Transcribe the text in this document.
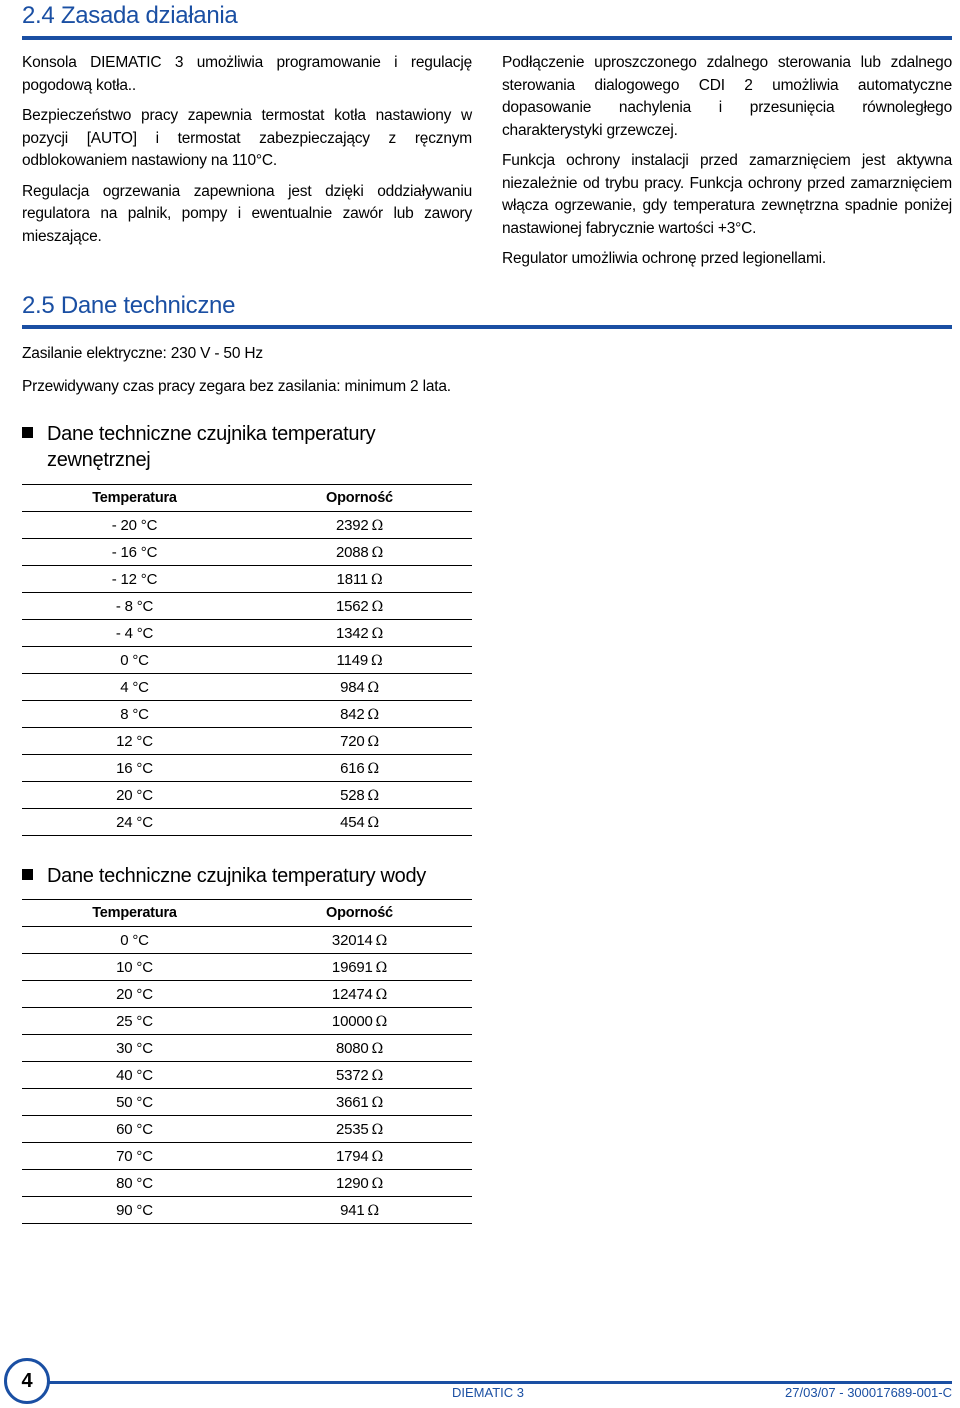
2.4 Zasada działania

Konsola DIEMATIC 3 umożliwia programowanie i regulację pogodową kotła..

Bezpieczeństwo pracy zapewnia termostat kotła nastawiony w pozycji [AUTO] i termostat zabezpieczający z ręcznym odblokowaniem nastawiony na 110°C.

Regulacja ogrzewania zapewniona jest dzięki oddziaływaniu regulatora na palnik, pompy i ewentualnie zawór lub zawory mieszające.

Podłączenie uproszczonego zdalnego sterowania lub zdalnego sterowania dialogowego CDI 2 umożliwia automatyczne dopasowanie nachylenia i przesunięcia równoległego charakterystyki grzewczej.

Funkcja ochrony instalacji przed zamarznięciem jest aktywna niezależnie od trybu pracy. Funkcja ochrony przed zamarznięciem włącza ogrzewanie, gdy temperatura zewnętrzna spadnie poniżej nastawionej fabrycznie wartości +3°C.

Regulator umożliwia ochronę przed legionellami.

2.5 Dane techniczne
Zasilanie elektryczne: 230 V - 50 Hz
Przewidywany czas pracy zegara bez zasilania: minimum 2 lata.
Dane techniczne czujnika temperatury zewnętrznej
Temperatura	Oporność
- 20 °C	2392 Ω
- 16 °C	2088 Ω
- 12 °C	1811 Ω
- 8 °C	1562 Ω
- 4 °C	1342 Ω
0 °C	1149 Ω
4 °C	984 Ω
8 °C	842 Ω
12 °C	720 Ω
16 °C	616 Ω
20 °C	528 Ω
24 °C	454 Ω
Dane techniczne czujnika temperatury wody
Temperatura	Oporność
0 °C	32014 Ω
10 °C	19691 Ω
20 °C	12474 Ω
25 °C	10000 Ω
30 °C	8080 Ω
40 °C	5372 Ω
50 °C	3661 Ω
60 °C	2535 Ω
70 °C	1794 Ω
80 °C	1290 Ω
90 °C	941 Ω
4
DIEMATIC 3	27/03/07 - 300017689-001-C
